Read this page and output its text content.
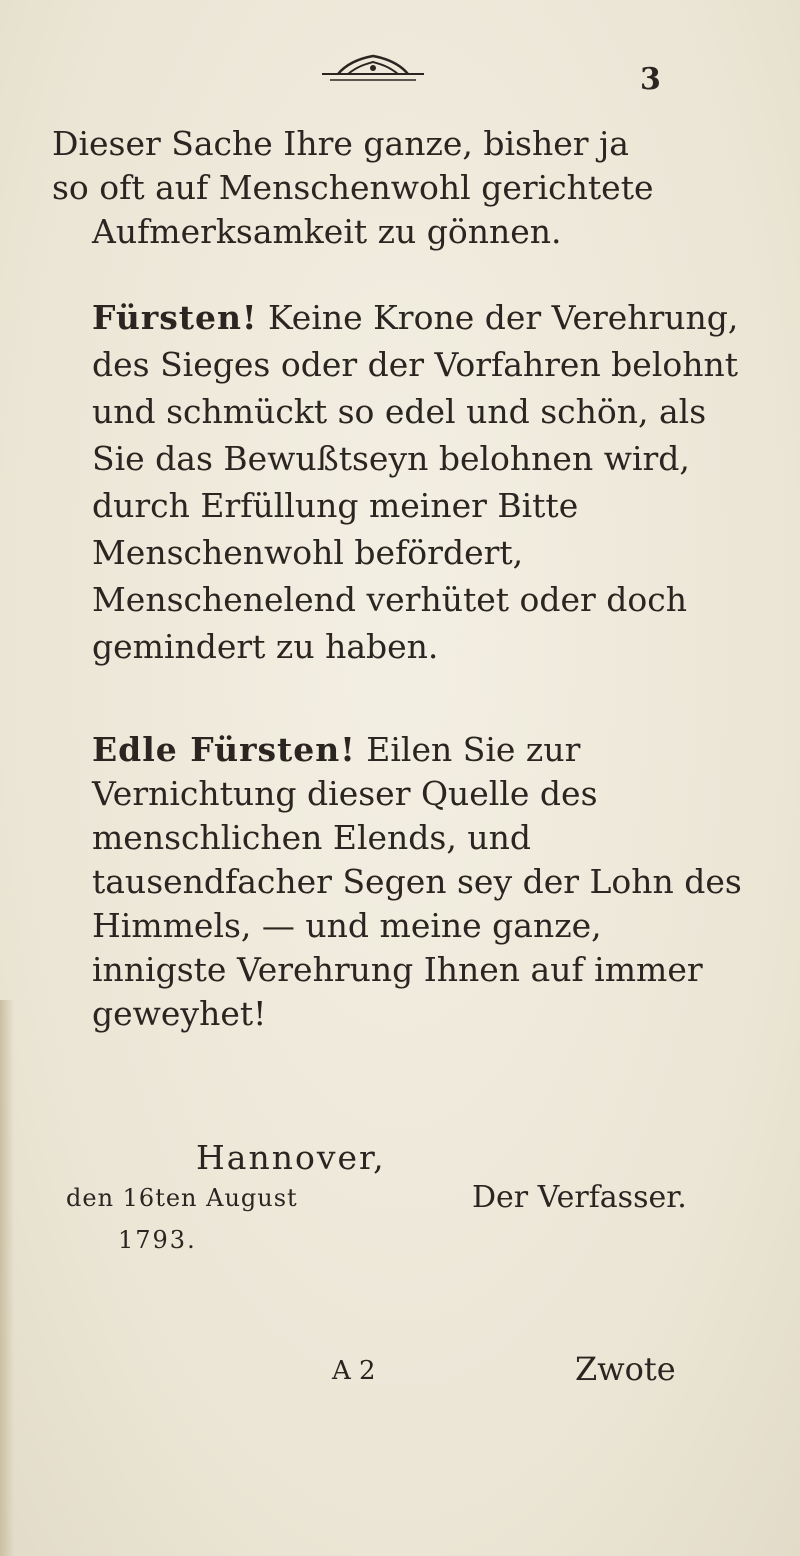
3
Dieser Sache Ihre ganze, bisher ja
so oft auf Menschenwohl gerichtete
Aufmerksamkeit zu gönnen.

Fürsten! Keine Krone der Verehrung, des Sieges oder der Vorfahren belohnt und schmückt so edel und schön, als Sie das Bewußtseyn belohnen wird, durch Erfüllung meiner Bitte Menschenwohl befördert, Menschenelend verhütet oder doch gemindert zu haben.

Edle Fürsten! Eilen Sie zur Vernichtung dieser Quelle des menschlichen Elends, und tausendfacher Segen sey der Lohn des Himmels, — und meine ganze, innigste Verehrung Ihnen auf immer geweyhet!

Hannover,
den 16ten August
1793.
Der Verfasser.
A 2	Zwote
